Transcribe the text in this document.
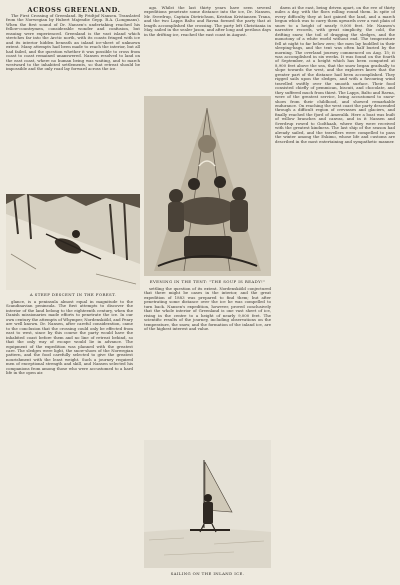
ACROSS GREENLAND.

The First Crossing of Greenland. By Fridtjof Nansen. Translated from the Norwegian by Hubert Majendie Gepp. B.A. (Longmans). When the first sound of Dr. Nansen's undertaking reached his fellow-countrymen, considerable wonder and confusion, but ensuing were experienced. Greenland is the vast island which stretches far into the Arctic north, with its coasts fringed with ice and its interior hidden beneath an inland ice-sheet of unknown extent. Many attempts had been made to reach the interior, but all had failed, and the question whether it was possible to cross from coast to coast remained unanswered. Nansen resolved to land on the east coast, where no human being was waiting, and to march westward to the inhabited settlements, so that retreat should be impossible and the only road lay forward across the ice.

ago. Whilst the last thirty years have seen several expeditions penetrate some distance into the ice, Dr. Nansen, Mr. Sverdrup, Captain Dietrichson, Kristian Kristiansen Trana, and the two Lapps Balto and Ravna formed the party that at length accomplished the crossing. The party left Christiania in May, sailed in the sealer Jason, and after long and perilous days in the drifting ice, reached the east coast in August.

dawn at the east, being driven apart, on the eve of thirty miles a day, with the floes rolling round them. In spite of every difficulty they at last gained the land, and a march begun which was to carry them upwards over a vast plain of snow to a height of nearly 9,000 feet. Mr. Nansen's narrative records, with great simplicity, the cold, the drifting snow, the toil of dragging the sledges, and the monotony of a white world without end. The temperature fell at night to far below zero; the men lay huddled in their sleeping-bags, and the tent was often half buried by the morning. The overland journey commenced on Aug. 15; it was accomplished in six weeks. It was found on the fourth of September, at a height which has been computed at 8,900 feet above the sea, that the snow began gradually to slope towards the west, and the explorers knew that the greater part of the distance had been accomplished. They rigged sails upon the sledges, and with a favouring wind travelled swiftly over the smooth surface. Their food consisted chiefly of pemmican, biscuit, and chocolate, and they suffered much from thirst. The Lapps, Balto and Ravna, were of the greatest service, being accustomed to snow-shoes from their childhood, and showed remarkable endurance. On reaching the west coast the party descended through a difficult region of crevasses and glaciers, and finally reached the fjord of Ameralik. Here a boat was built of willow branches and canvas, and in it Nansen and Sverdrup rowed to Godthaab, where they were received with the greatest kindness. The last ship of the season had already sailed, and the travellers were compelled to pass the winter among the Eskimo, whose life and customs are described in the most entertaining and sympathetic manner.

glance, is a peninsula almost equal in magnitude to the Scandinavian peninsula. The first attempts to discover the interior of the land belong to the eighteenth century, when the Danish missionaries made efforts to penetrate the ice. In our own century the attempts of Whymper, Nordenskiöld, and Peary are well known. Dr. Nansen, after careful consideration, came to the conclusion that the crossing could only be effected from east to west, since by this course the party would have the inhabited coast before them and no line of retreat behind, so that the only way of escape would lie in advance. The equipment of the expedition was planned with the greatest care. The sledges were light, the snow-shoes of the Norwegian pattern, and the food carefully selected to give the greatest nourishment with the least weight. Such a journey required men of exceptional strength and skill, and Nansen selected his companions from among those who were accustomed to a hard life in the open air.

settling the question of its extent. Nordenskiöld conjectured that there might be oases in the interior, and the great expedition of 1883 was prepared to find them; but after penetrating some distance over the ice he was compelled to turn back. Nansen's expedition, however, proved conclusively that the whole interior of Greenland is one vast sheet of ice, rising in the centre to a height of nearly 9,000 feet. The scientific results of the journey, including observations on the temperature, the snow, and the formation of the inland ice, are of the highest interest and value.

EVENING IN THE TENT: "THE SOUP IS READY!"
A STEEP DESCENT IN THE FOREST.
SAILING ON THE INLAND ICE.
